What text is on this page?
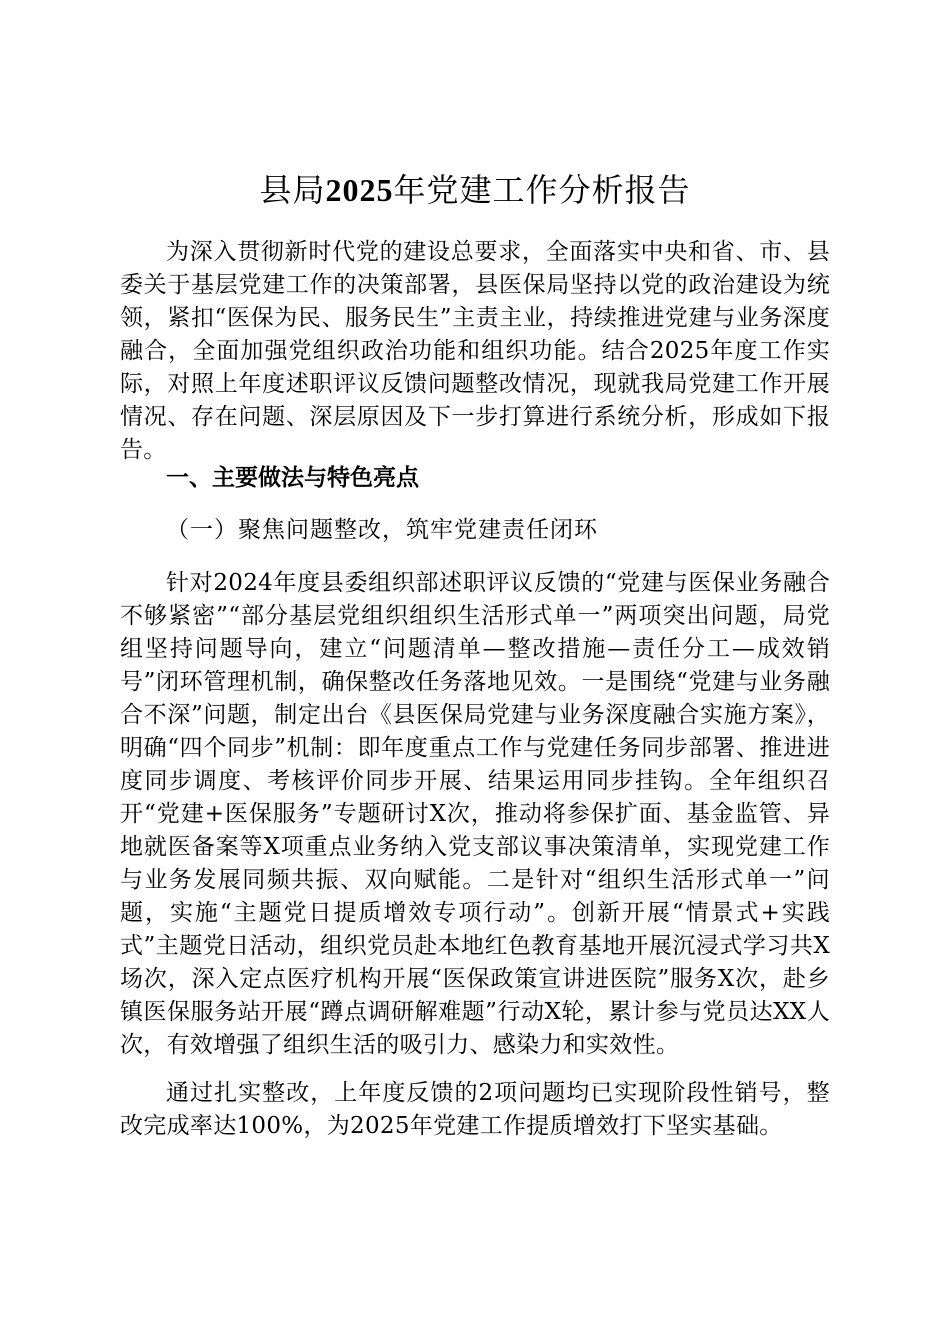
县局2025年党建工作分析报告

为深入贯彻新时代党的建设总要求，全面落实中央和省、市、县委关于基层党建工作的决策部署，县医保局坚持以党的政治建设为统领，紧扣“医保为民、服务民生”主责主业，持续推进党建与业务深度融合，全面加强党组织政治功能和组织功能。结合2025年度工作实际，对照上年度述职评议反馈问题整改情况，现就我局党建工作开展情况、存在问题、深层原因及下一步打算进行系统分析，形成如下报告。

一、主要做法与特色亮点

（一）聚焦问题整改，筑牢党建责任闭环

针对2024年度县委组织部述职评议反馈的“党建与医保业务融合不够紧密”“部分基层党组织组织生活形式单一”两项突出问题，局党组坚持问题导向，建立“问题清单—整改措施—责任分工—成效销号”闭环管理机制，确保整改任务落地见效。一是围绕“党建与业务融合不深”问题，制定出台《县医保局党建与业务深度融合实施方案》，明确“四个同步”机制：即年度重点工作与党建任务同步部署、推进进度同步调度、考核评价同步开展、结果运用同步挂钩。全年组织召开“党建+医保服务”专题研讨X次，推动将参保扩面、基金监管、异地就医备案等X项重点业务纳入党支部议事决策清单，实现党建工作与业务发展同频共振、双向赋能。二是针对“组织生活形式单一”问题，实施“主题党日提质增效专项行动”。创新开展“情景式+实践式”主题党日活动，组织党员赴本地红色教育基地开展沉浸式学习共X场次，深入定点医疗机构开展“医保政策宣讲进医院”服务X次，赴乡镇医保服务站开展“蹲点调研解难题”行动X轮，累计参与党员达XX人次，有效增强了组织生活的吸引力、感染力和实效性。

通过扎实整改，上年度反馈的2项问题均已实现阶段性销号，整改完成率达100%，为2025年党建工作提质增效打下坚实基础。
